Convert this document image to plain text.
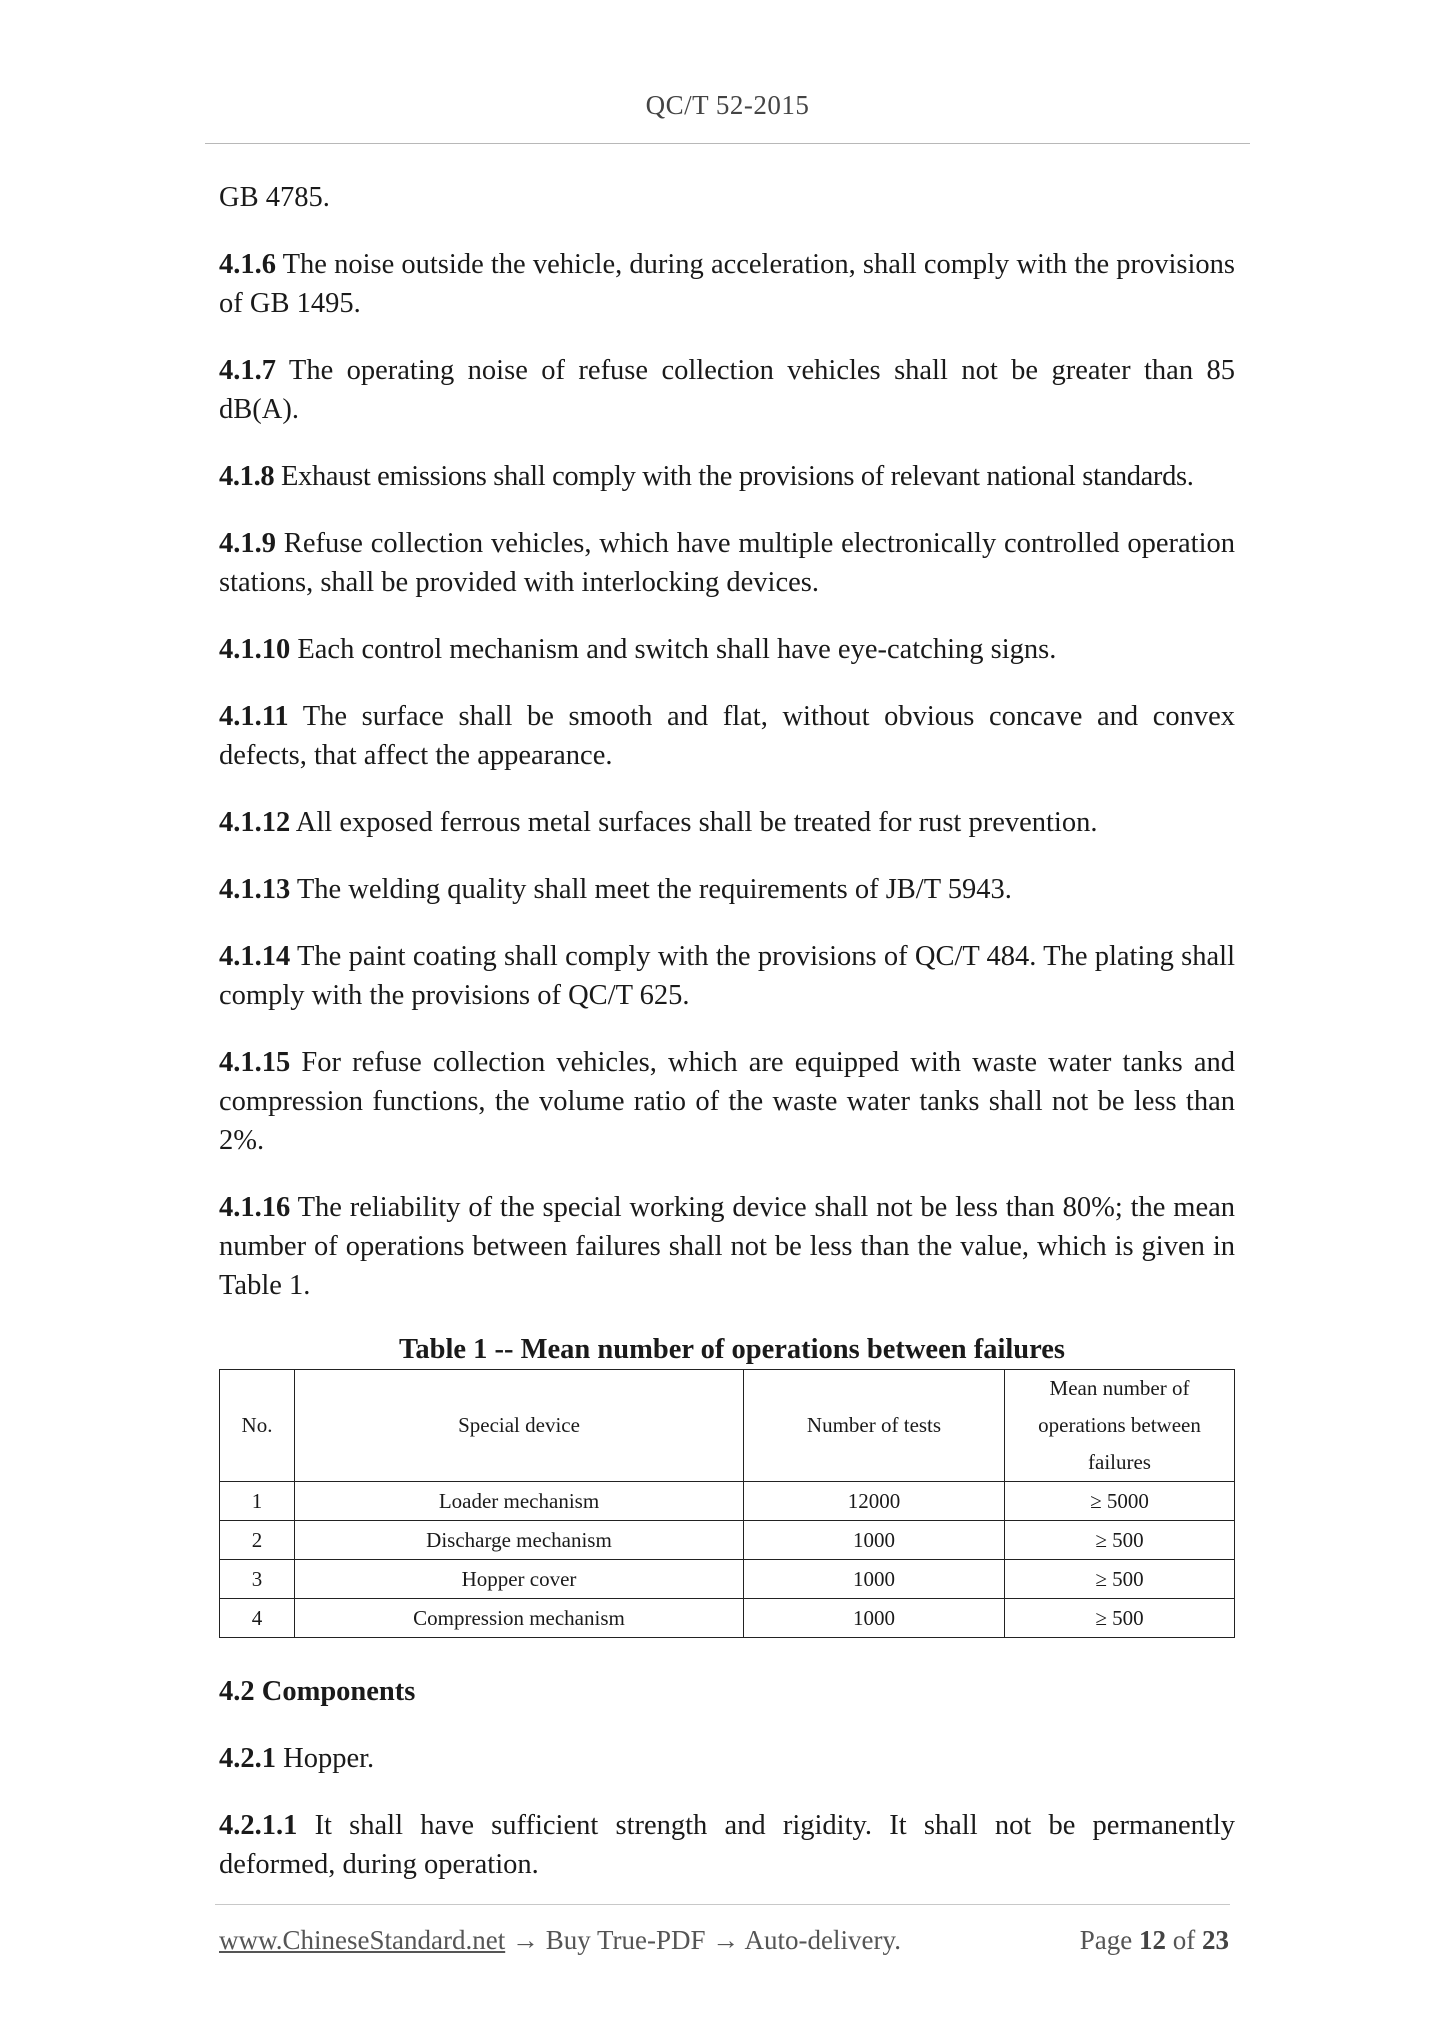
QC/T 52-2015

GB 4785.

4.1.6 The noise outside the vehicle, during acceleration, shall comply with the provisions of GB 1495.

4.1.7 The operating noise of refuse collection vehicles shall not be greater than 85 dB(A).

4.1.8 Exhaust emissions shall comply with the provisions of relevant national standards.

4.1.9 Refuse collection vehicles, which have multiple electronically controlled operation stations, shall be provided with interlocking devices.

4.1.10 Each control mechanism and switch shall have eye-catching signs.

4.1.11 The surface shall be smooth and flat, without obvious concave and convex defects, that affect the appearance.

4.1.12 All exposed ferrous metal surfaces shall be treated for rust prevention.

4.1.13 The welding quality shall meet the requirements of JB/T 5943.

4.1.14 The paint coating shall comply with the provisions of QC/T 484. The plating shall comply with the provisions of QC/T 625.

4.1.15 For refuse collection vehicles, which are equipped with waste water tanks and compression functions, the volume ratio of the waste water tanks shall not be less than 2%.

4.1.16 The reliability of the special working device shall not be less than 80%; the mean number of operations between failures shall not be less than the value, which is given in Table 1.

Table 1 -- Mean number of operations between failures
No.	Special device	Number of tests	Mean number of operations between failures
1	Loader mechanism	12000	≥ 5000
2	Discharge mechanism	1000	≥ 500
3	Hopper cover	1000	≥ 500
4	Compression mechanism	1000	≥ 500
4.2 Components

4.2.1 Hopper.

4.2.1.1 It shall have sufficient strength and rigidity. It shall not be permanently deformed, during operation.

www.ChineseStandard.net → Buy True-PDF → Auto-delivery.	Page 12 of 23
